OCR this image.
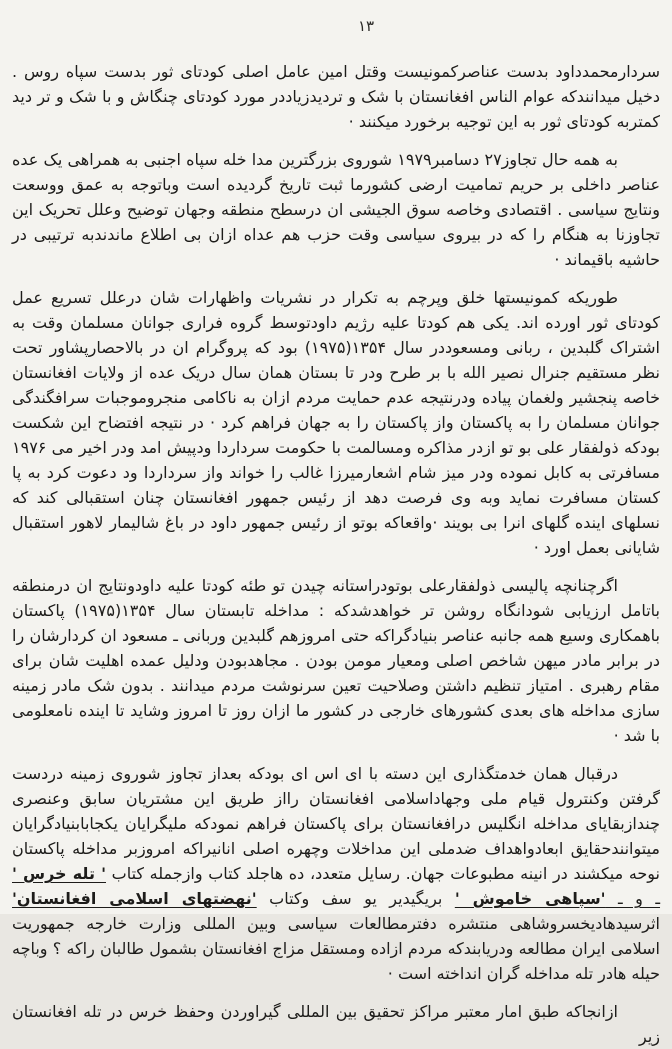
۱۳

سردارمحمدداود بدست عناصرکمونیست وقتل امین عامل اصلی کودتای ثور بدست سپاه روس . دخیل میدانندکه عوام الناس افغانستان با شک و تردیدزیاددر مورد کودتای چنگاش و با شک و تر دید کمتربه کودتای ثور به این توجیه برخورد میکنند ·

به همه حال تجاوز۲۷ دسامبر۱۹۷۹ شوروی بزرگترین مدا خله سپاه اجنبی به همراهی یک عده عناصر داخلی بر حریم تمامیت ارضی کشورما ثبت تاریخ گردیده است وباتوجه به عمق ووسعت ونتایج سیاسی . اقتصادی وخاصه سوق الجیشی ان درسطح منطقه وجهان توضیح وعلل تحریک این تجاوزنا به هنگام را که در بیروی سیاسی وقت حزب هم عداه ازان بی اطلاع ماندندبه ترتیبی در حاشیه باقیماند ·

طوریکه کمونیستها خلق وپرچم به تکرار در نشریات واظهارات شان درعلل تسریع عمل کودتای ثور اورده اند. یکی هم کودتا علیه رژیم داودتوسط گروه فراری جوانان مسلمان وقت به اشتراک گلبدین ، ربانی ومسعوددر سال ۱۳۵۴(۱۹۷۵) بود که پروگرام ان در بالاحصارپشاور تحت نظر مستقیم جنرال نصیر الله با بر طرح ودر تا بستان همان سال دریک عده از ولایات افغانستان خاصه پنجشیر ولغمان پیاده ودرنتیجه عدم حمایت مردم ازان به ناکامی منجروموجبات سرافگندگی جوانان مسلمان را به پاکستان واز پاکستان را به جهان فراهم کرد · در نتیجه افتضاح این شکست بودکه ذولفقار علی بو تو ازدر مذاکره ومسالمت با حکومت سرداردا ودپیش امد ودر اخیر می ۱۹۷۶ مسافرتی به کابل نموده ودر میز شام اشعارمیرزا غالب را خواند واز سرداردا ود دعوت کرد به پا کستان مسافرت نماید وبه وی فرصت دهد از رئیس جمهور افغانستان چنان استقبالی کند که نسلهای اینده گلهای انرا بی بویند ·واقعاکه بوتو از رئیس جمهور داود در باغ شالیمار لاهور استقبال شایانی بعمل اورد ·

اگرچنانچه پالیسی ذولفقارعلی بوتودراستانه چیدن تو طئه کودتا علیه داودونتایج ان درمنطقه باتامل ارزیابی شودانگاه روشن تر خواهدشدکه : مداخله تابستان سال ۱۳۵۴(۱۹۷۵) پاکستان باهمکاری وسیع همه جانبه عناصر بنیادگراکه حتی امروزهم گلبدین وربانی ـ مسعود ان کردارشان را در برابر مادر میهن شاخص اصلی ومعیار مومن بودن . مجاهدبودن ودلیل عمده اهلیت شان برای مقام رهبری . امتیاز تنظیم داشتن وصلاحیت تعین سرنوشت مردم میدانند . بدون شک مادر زمینه سازی مداخله های بعدی کشورهای خارجی در کشور ما ازان روز تا امروز وشاید تا اینده نامعلومی با شد ·

درقبال همان خدمتگذاری این دسته با ای اس ای بودکه بعداز تجاوز شوروی زمینه دردست گرفتن وکنترول قیام ملی وجهاداسلامی افغانستان رااز طریق این مشتریان سابق وعنصری چندازبقایای مداخله انگلیس درافغانستان برای پاکستان فراهم نمودکه ملیگرایان یکجابابنیادگرایان میتوانندحقایق ابعادواهداف ضدملی این مداخلات وچهره اصلی انانیراکه امروزبر مداخله پاکستان نوحه میکشند در انینه مطبوعات جهان. رسایل متعدد، ده هاجلد کتاب وازجمله کتاب ' تله خرس ' ـ و ـ 'سپاهی خاموش ' بریگیدیر یو سف وکتاب 'نهضتهای اسلامی افغانستان' اثرسیدهادیخسروشاهی منتشره دفترمطالعات سیاسی وبین المللی وزارت خارجه جمهوریت اسلامی ایران مطالعه ودریابندکه مردم ازاده ومستقل مزاج افغانستان بشمول طالبان راکه ؟ وباچه حیله هادر تله مداخله گران انداخته است ·

ازانجاکه طبق امار معتبر مراکز تحقیق بین المللی گیراوردن وحفظ خرس در تله افغانستان زیر
